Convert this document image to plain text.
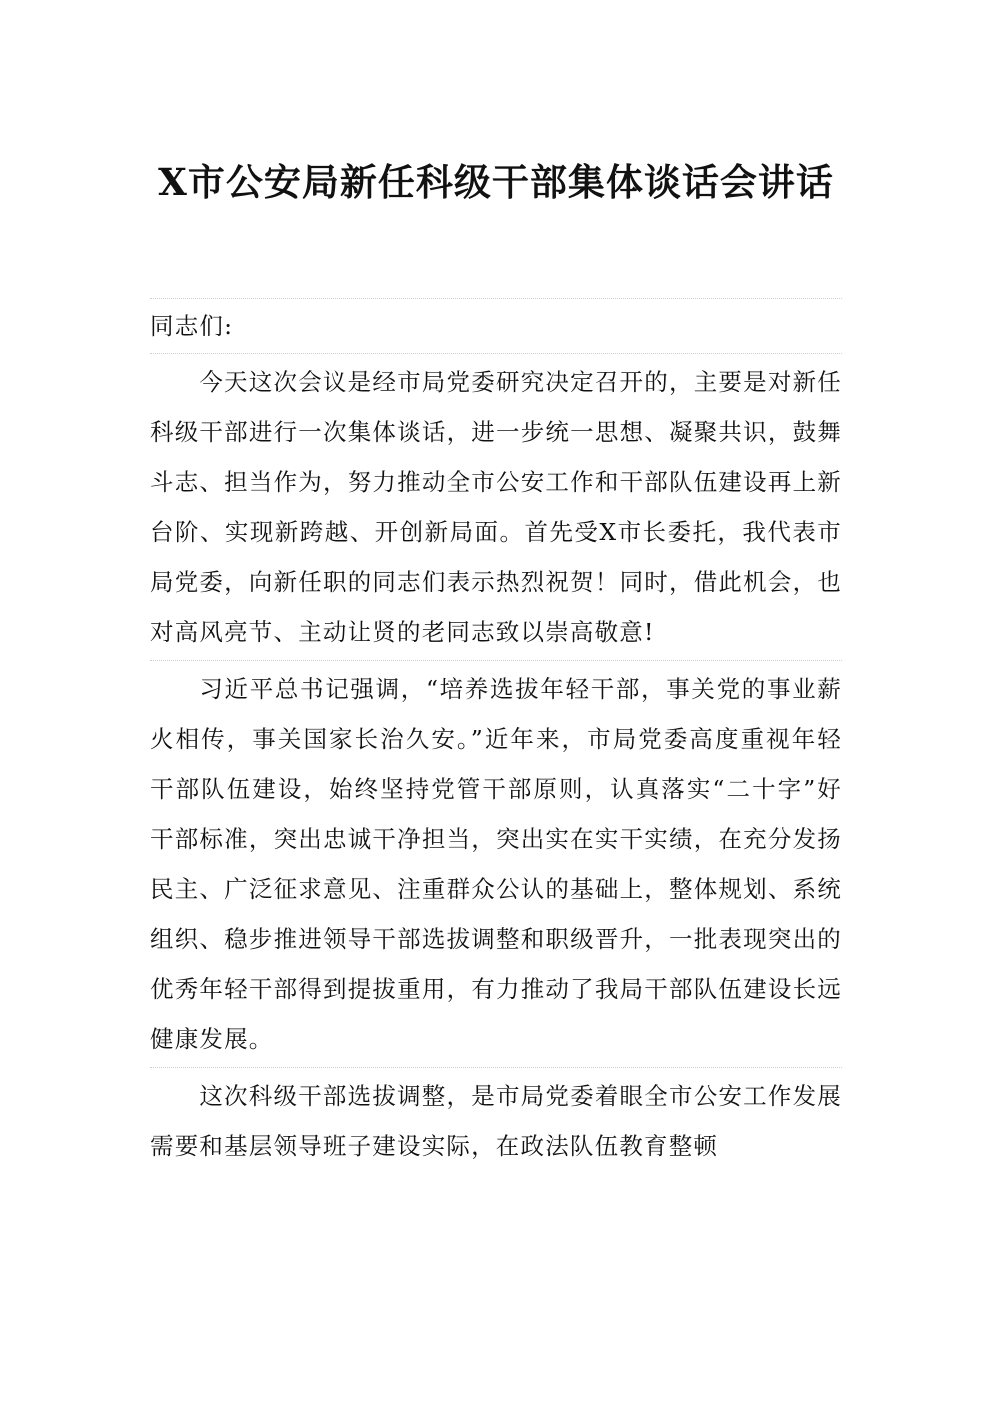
X市公安局新任科级干部集体谈话会讲话

同志们:

今天这次会议是经市局党委研究决定召开的，主要是对新任科级干部进行一次集体谈话，进一步统一思想、凝聚共识，鼓舞斗志、担当作为，努力推动全市公安工作和干部队伍建设再上新台阶、实现新跨越、开创新局面。首先受X市长委托，我代表市局党委，向新任职的同志们表示热烈祝贺！同时，借此机会，也对高风亮节、主动让贤的老同志致以崇高敬意!

习近平总书记强调，“培养选拔年轻干部，事关党的事业薪火相传，事关国家长治久安。”近年来，市局党委高度重视年轻干部队伍建设，始终坚持党管干部原则，认真落实“二十字”好干部标准，突出忠诚干净担当，突出实在实干实绩，在充分发扬民主、广泛征求意见、注重群众公认的基础上，整体规划、系统组织、稳步推进领导干部选拔调整和职级晋升，一批表现突出的优秀年轻干部得到提拔重用，有力推动了我局干部队伍建设长远健康发展。

这次科级干部选拔调整，是市局党委着眼全市公安工作发展需要和基层领导班子建设实际，在政法队伍教育整顿
